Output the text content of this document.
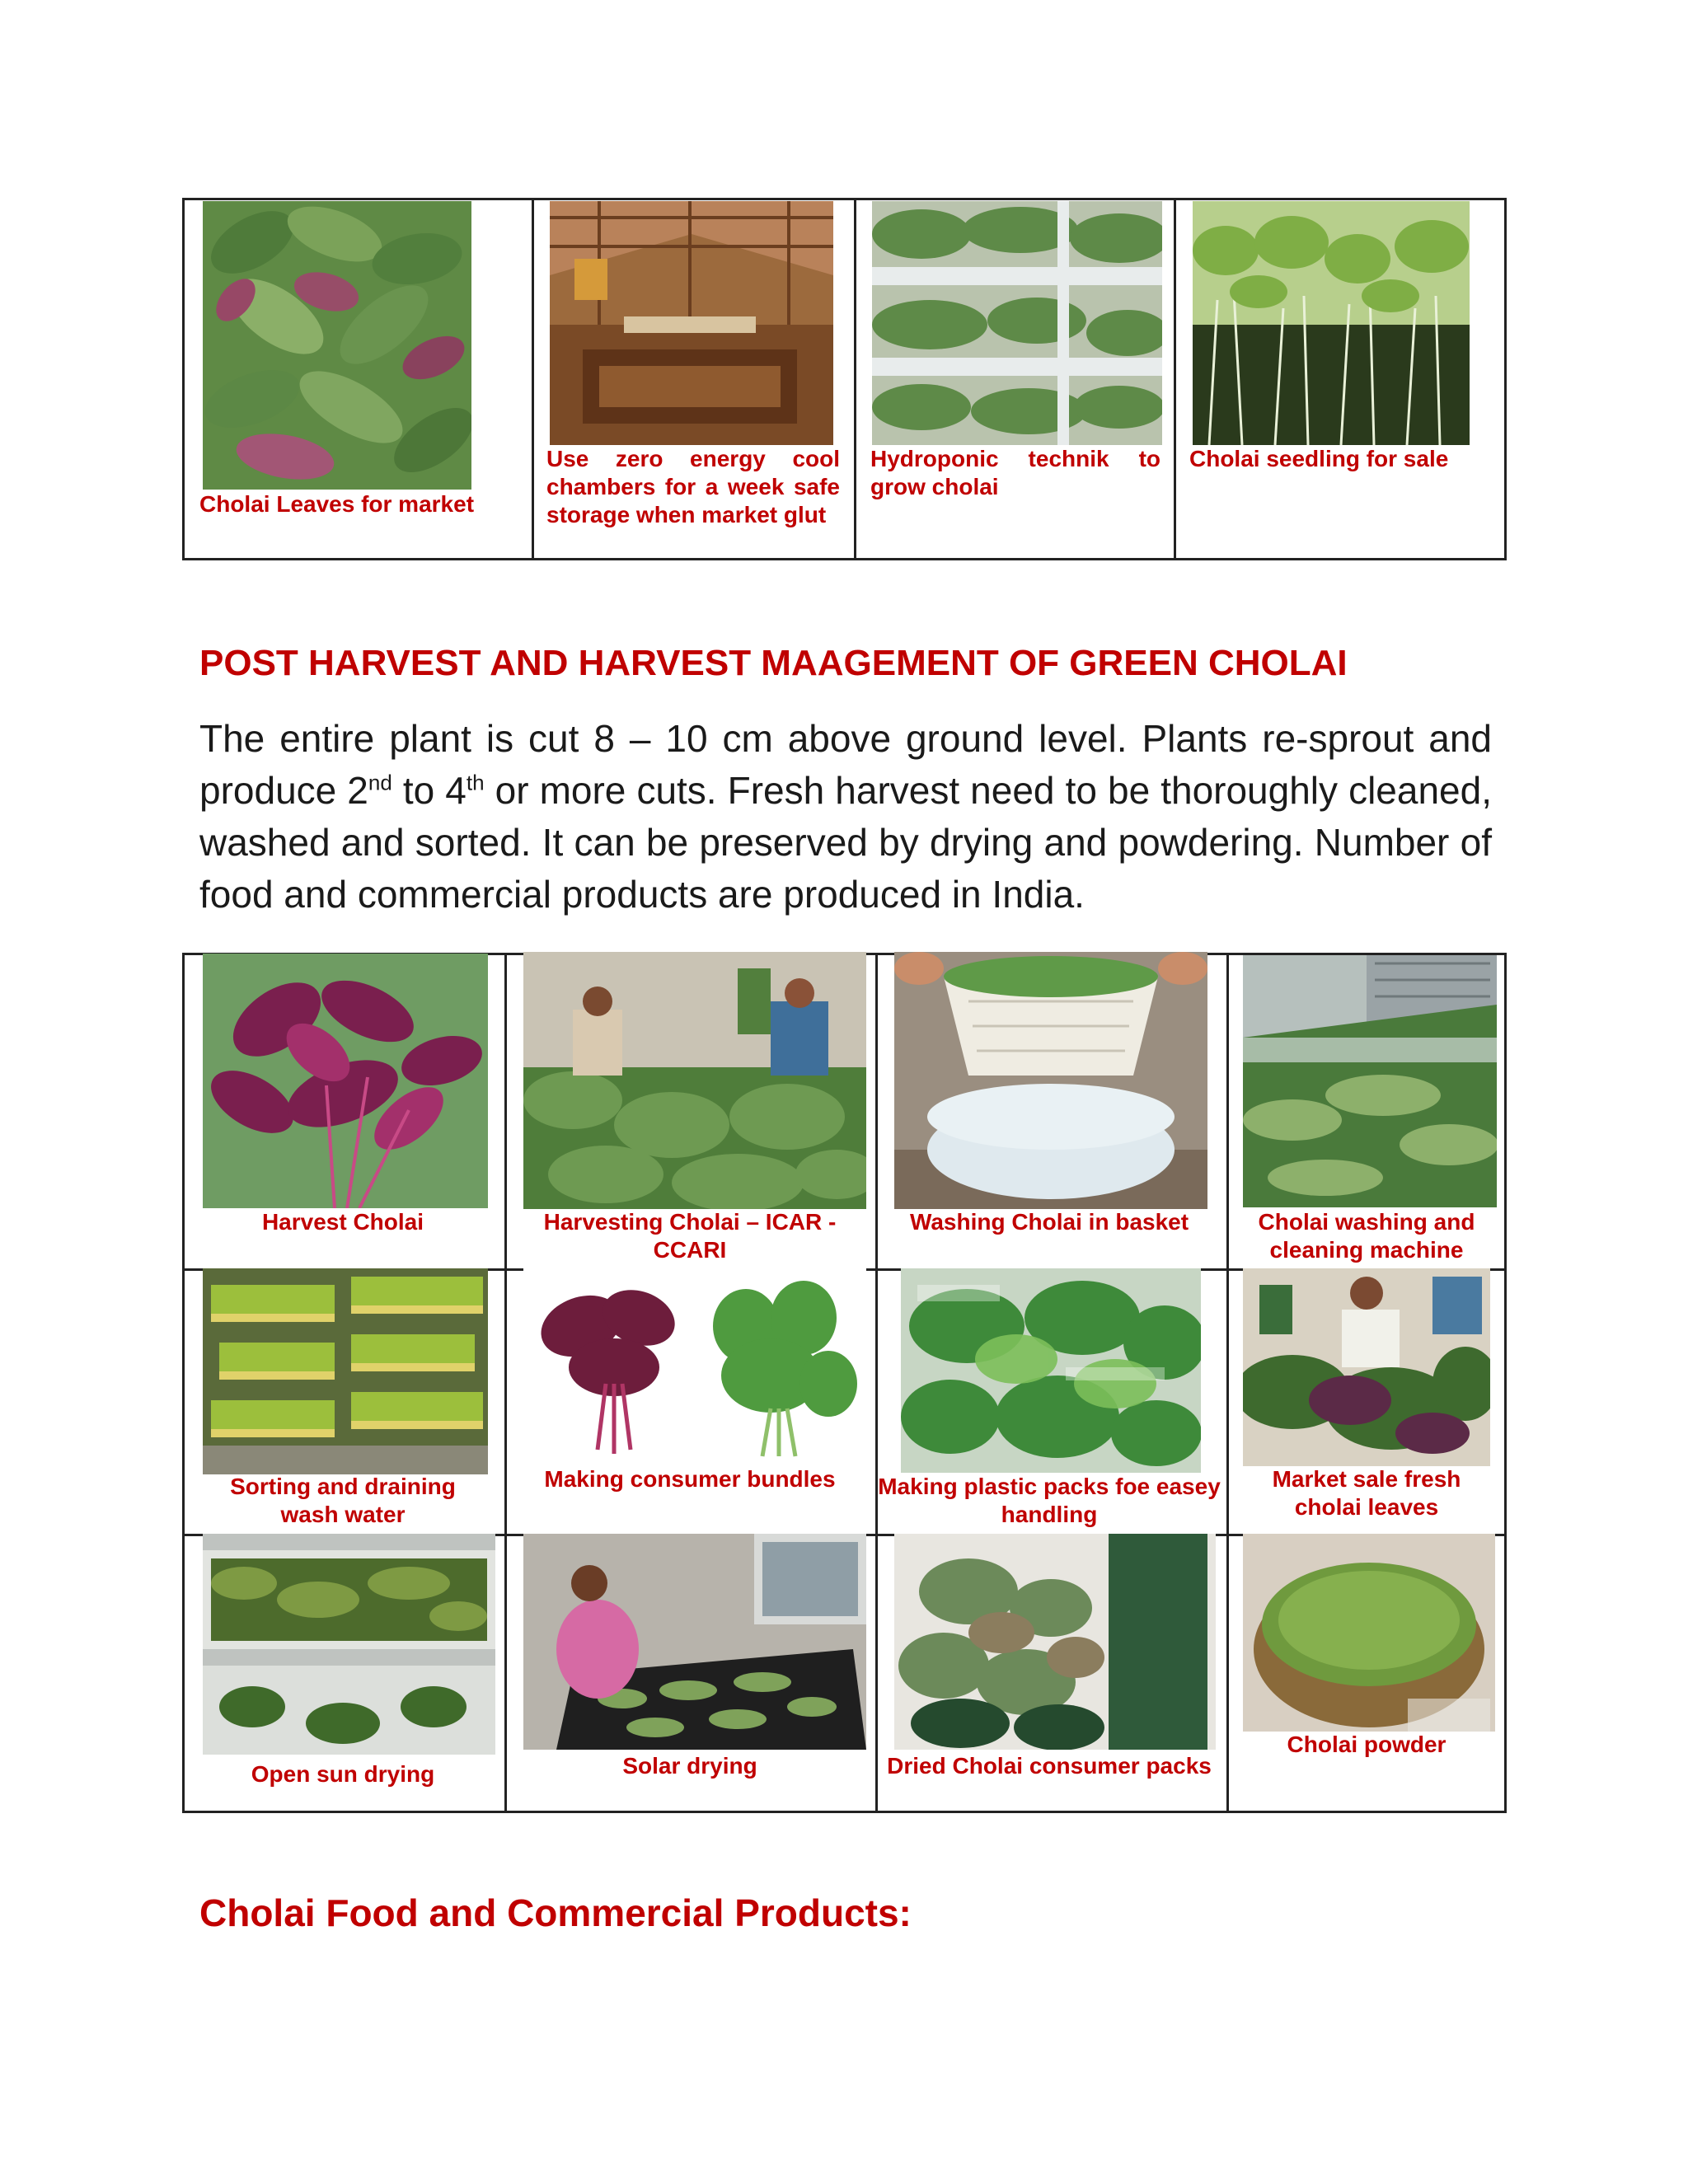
Cholai Leaves for market
Use zero energy cool chambers for a week safe storage when market glut
Hydroponic technik to grow cholai
Cholai seedling for sale
POST HARVEST AND HARVEST MAAGEMENT OF GREEN CHOLAI
The entire plant is cut 8 – 10 cm above ground level. Plants re-sprout and produce 2nd to 4th or more cuts. Fresh harvest need to be thoroughly cleaned, washed and sorted. It can be preserved by drying and powdering. Number of food and commercial products are produced in India.
Harvest Cholai	Harvesting Cholai – ICAR - CCARI
Washing Cholai in basket	Cholai washing and cleaning machine
Sorting and draining wash water
Making consumer bundles	Making plastic packs foe easey handling
Market sale fresh cholai leaves
Open sun drying	Solar drying	Dried Cholai consumer packs
Cholai powder
Cholai Food and Commercial Products:
